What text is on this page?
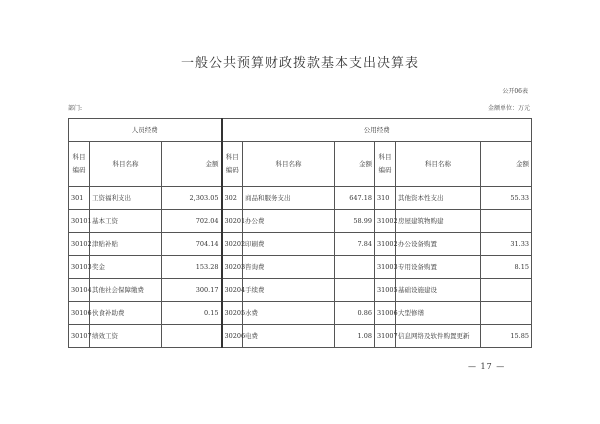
一般公共预算财政拨款基本支出决算表
公开06表
部门:	金额单位：万元
人员经费			公用经费					

科目编码	科目名称	金额	科目编码	科目名称	金额	科目编码	科目名称	金额
301	工资福利支出	2,303.05	302	商品和服务支出	647.18	310	其他资本性支出	55.33
30101	基本工资	702.04	30201	办公费	58.99	31002	房屋建筑物购建	
30102	津贴补贴	704.14	30202	印刷费	7.84	31002	办公设备购置	31.33
30103	奖金	153.28	30203	咨询费		31003	专用设备购置	8.15
30104	其他社会保障缴费	300.17	30204	手续费		31005	基础设施建设	
30106	伙食补助费	0.15	30205	水费	0.86	31006	大型修缮	
30107	绩效工资		30206	电费	1.08	31007	信息网络及软件购置更新	15.85
— 17 —
